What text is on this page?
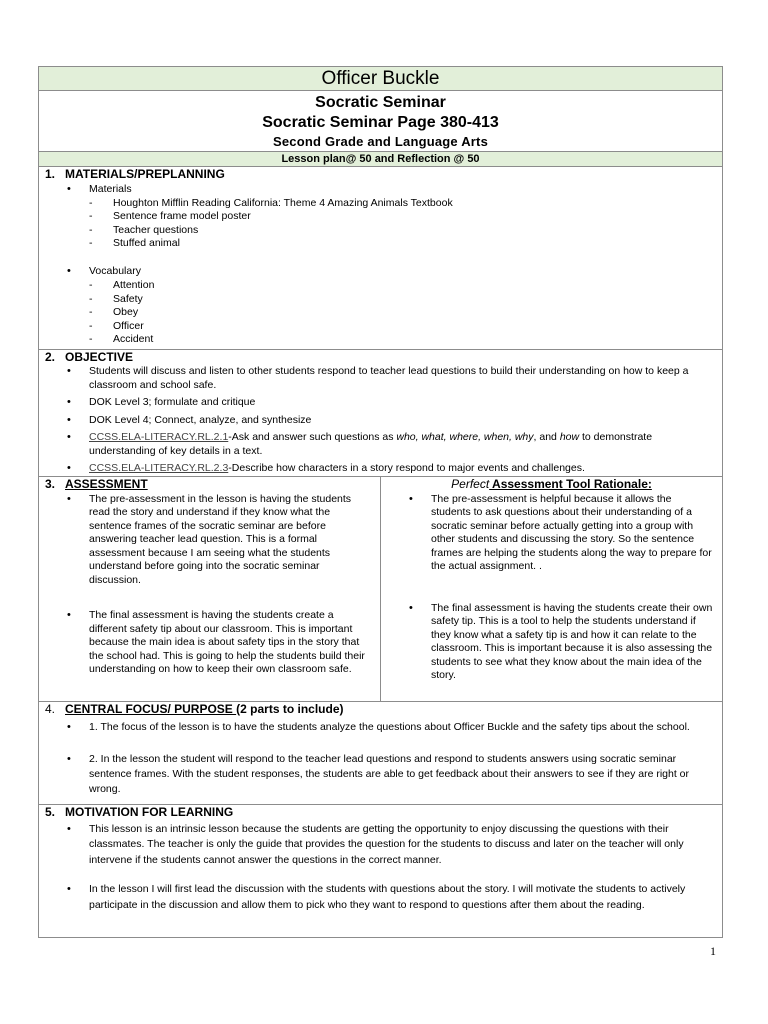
Officer Buckle

Socratic Seminar
Socratic Seminar Page 380-413
Second Grade and Language Arts

Lesson plan@ 50 and Reflection @ 50

1. MATERIALS/PREPLANNING
• Materials
- Houghton Mifflin Reading California: Theme 4 Amazing Animals Textbook
- Sentence frame model poster
- Teacher questions
- Stuffed animal
• Vocabulary
- Attention
- Safety
- Obey
- Officer
- Accident

2. OBJECTIVE
• Students will discuss and listen to other students respond to teacher lead questions to build their understanding on how to keep a classroom and school safe.
• DOK Level 3; formulate and critique
• DOK Level 4; Connect, analyze, and synthesize
• CCSS.ELA-LITERACY.RL.2.1-Ask and answer such questions as who, what, where, when, why, and how to demonstrate understanding of key details in a text.
• CCSS.ELA-LITERACY.RL.2.3-Describe how characters in a story respond to major events and challenges.

3. ASSESSMENT
• The pre-assessment in the lesson is having the students read the story and understand if they know what the sentence frames of the socratic seminar are before answering teacher lead question. This is a formal assessment because I am seeing what the students understand before going into the socratic seminar discussion.
• The final assessment is having the students create a different safety tip about our classroom. This is important because the main idea is about safety tips in the story that the school had. This is going to help the students build their understanding on how to keep their own classroom safe.

Perfect Assessment Tool Rationale:
• The pre-assessment is helpful because it allows the students to ask questions about their understanding of a socratic seminar before actually getting into a group with other students and discussing the story. So the sentence frames are helping the students along the way to prepare for the actual assignment. .
• The final assessment is having the students create their own safety tip. This is a tool to help the students understand if they know what a safety tip is and how it can relate to the classroom. This is important because it is also assessing the students to see what they know about the main idea of the story.

4. CENTRAL FOCUS/ PURPOSE (2 parts to include)
• 1. The focus of the lesson is to have the students analyze the questions about Officer Buckle and the safety tips about the school.
• 2. In the lesson the student will respond to the teacher lead questions and respond to students answers using socratic seminar sentence frames. With the student responses, the students are able to get feedback about their answers to see if they are right or wrong.

5. MOTIVATION FOR LEARNING
• This lesson is an intrinsic lesson because the students are getting the opportunity to enjoy discussing the questions with their classmates. The teacher is only the guide that provides the question for the students to discuss and later on the teacher will only intervene if the students cannot answer the questions in the correct manner.
• In the lesson I will first lead the discussion with the students with questions about the story. I will motivate the students to actively participate in the discussion and allow them to pick who they want to respond to questions after them about the reading.
1
